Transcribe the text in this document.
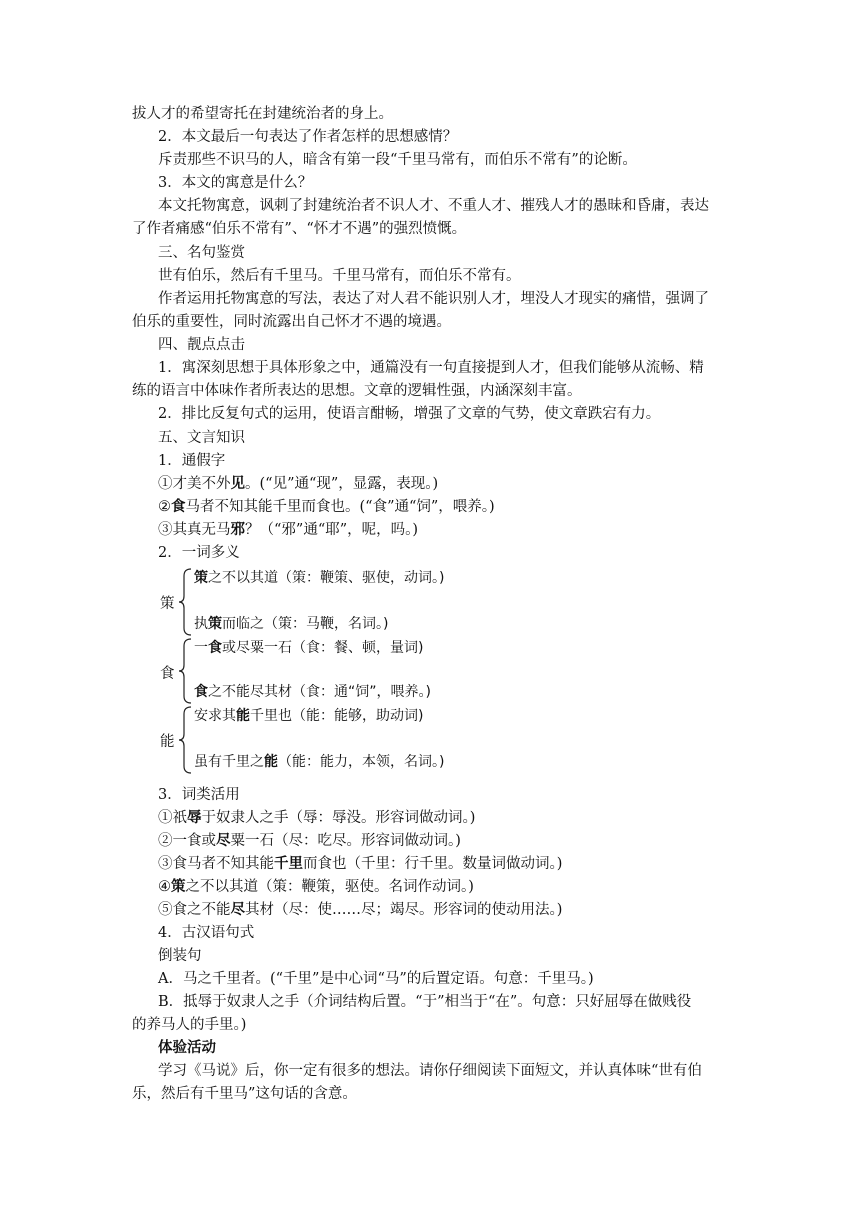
拔人才的希望寄托在封建统治者的身上。
2．本文最后一句表达了作者怎样的思想感情？
斥责那些不识马的人，暗含有第一段“千里马常有，而伯乐不常有”的论断。
3．本文的寓意是什么？
本文托物寓意，讽刺了封建统治者不识人才、不重人才、摧残人才的愚昧和昏庸，表达
了作者痛感“伯乐不常有”、“怀才不遇”的强烈愤慨。
三、名句鉴赏
世有伯乐，然后有千里马。千里马常有，而伯乐不常有。
作者运用托物寓意的写法，表达了对人君不能识别人才，埋没人才现实的痛惜，强调了
伯乐的重要性，同时流露出自己怀才不遇的境遇。
四、靓点点击
1．寓深刻思想于具体形象之中，通篇没有一句直接提到人才，但我们能够从流畅、精
练的语言中体味作者所表达的思想。文章的逻辑性强，内涵深刻丰富。
2．排比反复句式的运用，使语言酣畅，增强了文章的气势，使文章跌宕有力。
五、文言知识
1．通假字
①才美不外见。(“见”通“现”，显露，表现。)
②食马者不知其能千里而食也。(“食”通“饲”，喂养。)
③其真无马邪？（“邪”通“耶”，呢，吗。)
2．一词多义
策
策之不以其道（策：鞭策、驱使，动词。)
执策而临之（策：马鞭，名词。)
食
一食或尽粟一石（食：餐、顿，量词)
食之不能尽其材（食：通“饲”，喂养。)
能
安求其能千里也（能：能够，助动词)
虽有千里之能（能：能力，本领，名词。)
3．词类活用
①祇辱于奴隶人之手（辱：辱没。形容词做动词。)
②一食或尽粟一石（尽：吃尽。形容词做动词。)
③食马者不知其能千里而食也（千里：行千里。数量词做动词。)
④策之不以其道（策：鞭策，驱使。名词作动词。)
⑤食之不能尽其材（尽：使……尽；竭尽。形容词的使动用法。)
4．古汉语句式
倒装句
A．马之千里者。(“千里”是中心词“马”的后置定语。句意：千里马。)
B．抵辱于奴隶人之手（介词结构后置。“于”相当于“在”。句意：只好屈辱在做贱役
的养马人的手里。)
体验活动
学习《马说》后，你一定有很多的想法。请你仔细阅读下面短文，并认真体味“世有伯
乐，然后有千里马”这句话的含意。
